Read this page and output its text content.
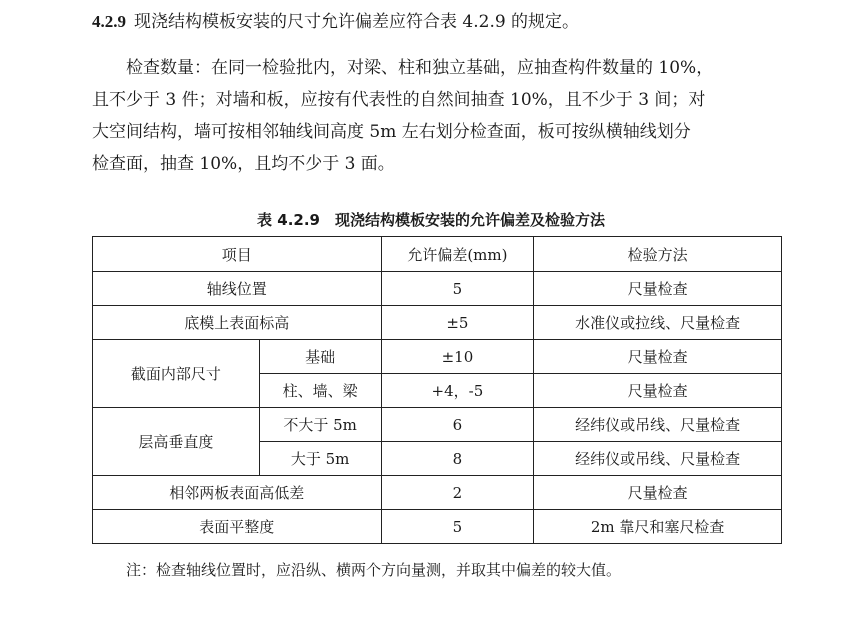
4.2.9 现浇结构模板安装的尺寸允许偏差应符合表 4.2.9 的规定。
检查数量：在同一检验批内，对梁、柱和独立基础，应抽查构件数量的 10%，
且不少于 3 件；对墙和板，应按有代表性的自然间抽查 10%，且不少于 3 间；对
大空间结构，墙可按相邻轴线间高度 5m 左右划分检查面，板可按纵横轴线划分
检查面，抽查 10%，且均不少于 3 面。
表 4.2.9　现浇结构模板安装的允许偏差及检验方法
项目		允许偏差(mm)	检验方法
轴线位置		5	尺量检查
底模上表面标高		±5	水准仪或拉线、尺量检查
截面内部尺寸	基础	±10	尺量检查
	柱、墙、梁	+4，-5	尺量检查
层高垂直度	不大于 5m	6	经纬仪或吊线、尺量检查
	大于 5m	8	经纬仪或吊线、尺量检查
相邻两板表面高低差		2	尺量检查
表面平整度		5	2m 靠尺和塞尺检查
注：检查轴线位置时，应沿纵、横两个方向量测，并取其中偏差的较大值。
